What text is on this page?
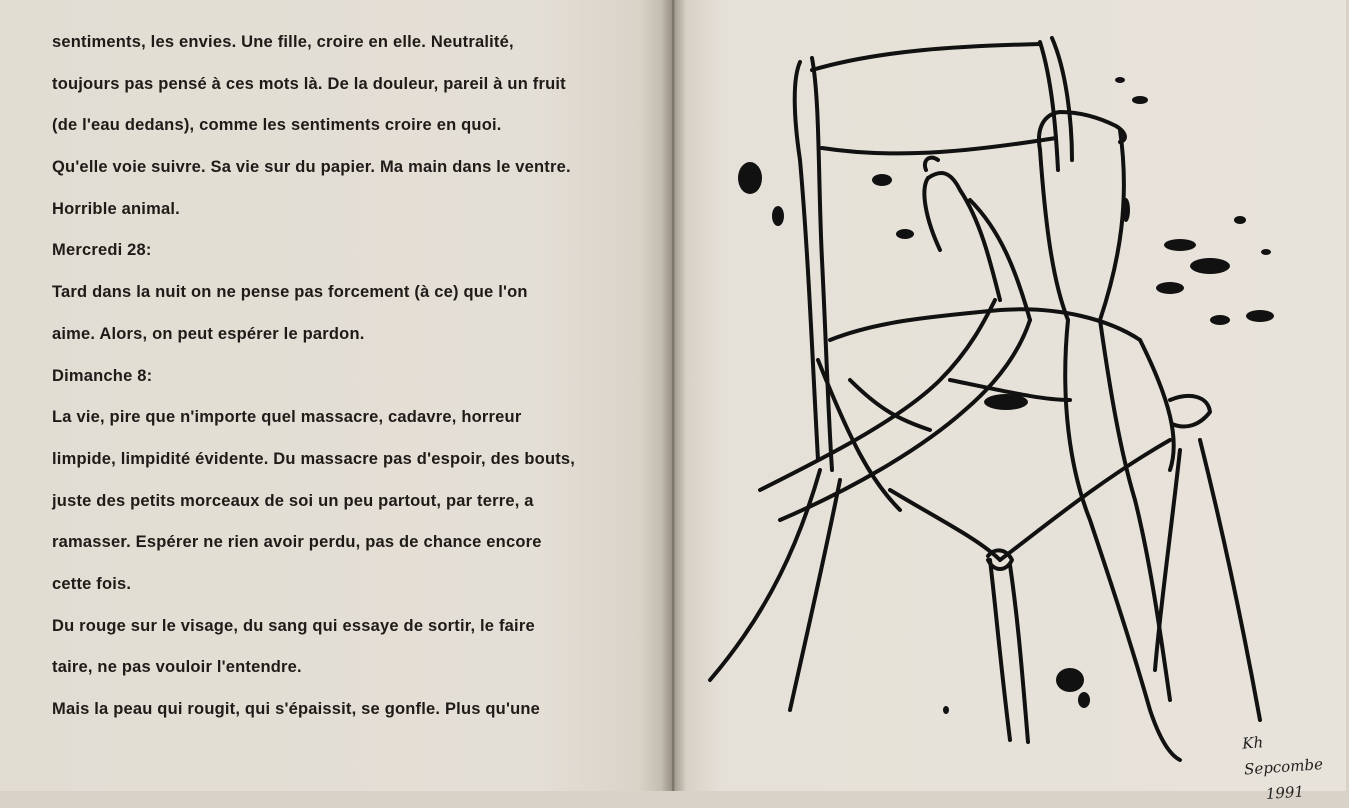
sentiments, les envies. Une fille, croire en elle. Neutralité,
toujours pas pensé à ces mots là. De la douleur, pareil à un fruit
(de l'eau dedans), comme les sentiments croire en quoi.
Qu'elle voie suivre. Sa vie sur du papier. Ma main dans le ventre.
Horrible animal.
Mercredi 28:
Tard dans la nuit on ne pense pas forcement (à ce) que l'on
aime. Alors, on peut espérer le pardon.
Dimanche 8:
La vie, pire que n'importe quel massacre, cadavre, horreur
limpide, limpidité évidente. Du massacre pas d'espoir, des bouts,
juste des petits morceaux de soi un peu partout, par terre, a
ramasser. Espérer ne rien avoir perdu, pas de chance encore
cette fois.
Du rouge sur le visage, du sang qui essaye de sortir, le faire
taire, ne pas vouloir l'entendre.
Mais la peau qui rougit, qui s'épaissit, se gonfle. Plus qu'une
Kh Sepcombe
1991
